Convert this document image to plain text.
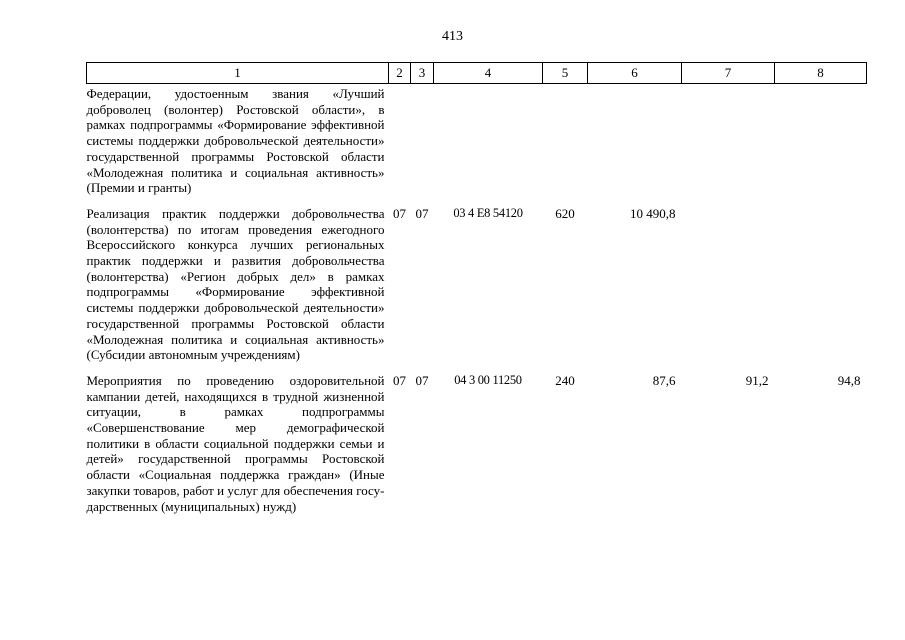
413
1	2	3	4	5	6	7	8
Федерации, удостоенным звания «Лучший доброволец (волонтер) Ростовской области», в рамках подпрограммы «Формирование эффективной системы поддержки добровольческой деятельности» государственной программы Ростовской области «Молодежная политика и социальная активность» (Премии и гранты)							
Реализация практик поддержки добровольчества (волонтерства) по итогам проведения ежегодного Всероссийского конкурса лучших региональных практик поддержки и развития добровольчества (волонтерства) «Регион добрых дел» в рамках подпрограммы «Формирование эффективной системы поддержки добровольческой деятельности» государственной программы Ростовской области «Молодежная политика и социальная активность» (Субсидии автономным учреждениям)	07	07	03 4 E8 54120	620	10 490,8		
Мероприятия по проведению оздоровительной кампании детей, находящихся в трудной жизненной ситуации, в рамках подпрограммы «Совершенствование мер демографической политики в области социальной поддержки семьи и детей» государственной программы Ростовской области «Социальная поддержка граждан» (Иные закупки товаров, работ и услуг для обеспечения государственных (муниципальных) нужд)	07	07	04 3 00 11250	240	87,6	91,2	94,8
